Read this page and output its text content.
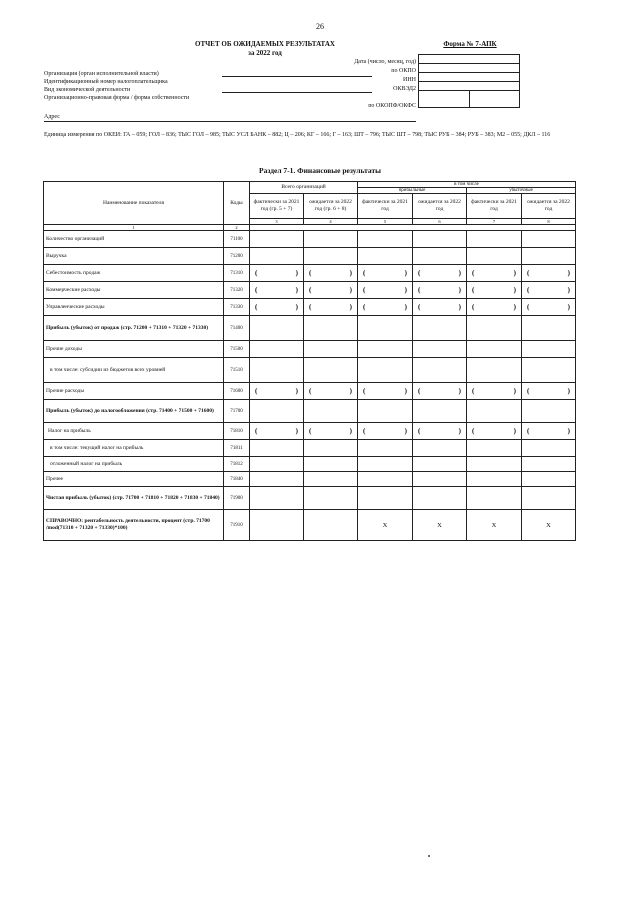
26
ОТЧЕТ ОБ ОЖИДАЕМЫХ РЕЗУЛЬТАТАХ
за 2022 год
Форма № 7-АПК

Дата (число, месяц, год)
по ОКПО
ИНН
ОКВЭД2
по ОКОПФ/ОКФС
Организация (орган исполнительной власти)
Идентификационный номер налогоплательщика
Вид экономической деятельности
Организационно-правовая форма / форма собственности
Адрес
Единица измерения по ОКЕИ: ГА – 059; ГОЛ – 836; ТЫС ГОЛ – 985; ТЫС УСЛ БАНК – 882; Ц – 206; КГ – 166; Г – 163; ШТ – 796; ТЫС ШТ – 798; ТЫС РУБ – 384; РУБ – 383; М2 – 055; ДКЛ – 116
Раздел 7-1. Финансовые результаты
Наименование показателя	Коды	Всего организаций		в том числе			
				прибыльные		убыточные	
		фактически за 2021 год (гр. 5 + 7)	ожидается за 2022 год (гр. 6 + 8)	фактически за 2021 год	ожидается за 2022 год	фактически за 2021 год	ожидается за 2022 год
		3	4	5	6	7	8
1	2						
Количество организаций	71100						
Выручка	71200						
Себестоимость продаж	71310	( )	( )	( )	( )	( )	( )

Коммерческие расходы	71320	( )	( )	( )	( )	( )	( )

Управленческие расходы	71330	( )	( )	( )	( )	( )	( )

Прибыль (убыток) от продаж (стр. 71200 + 71310 + 71320 + 71330)	71400						
Прочие доходы	71500						
в том числе: субсидии из бюджетов всех уровней	71510						
Прочие расходы	71600	( )	( )	( )	( )	( )	( )

Прибыль (убыток) до налогообложения (стр. 71400 + 71500 + 71600)	71700						
Налог на прибыль	71810	( )	( )	( )	( )	( )	( )

в том числе: текущий налог на прибыль	71811						
отложенный налог на прибыль	71812						
Прочее	71840						
Чистая прибыль (убыток) (стр. 71700 + 71810 + 71820 + 71830 + 71840)	71900						
СПРАВОЧНО: рентабельность деятельности, процент (стр. 71700 /mod(71310 + 71320 + 71330)*100)	71910			Х	Х	Х	Х
